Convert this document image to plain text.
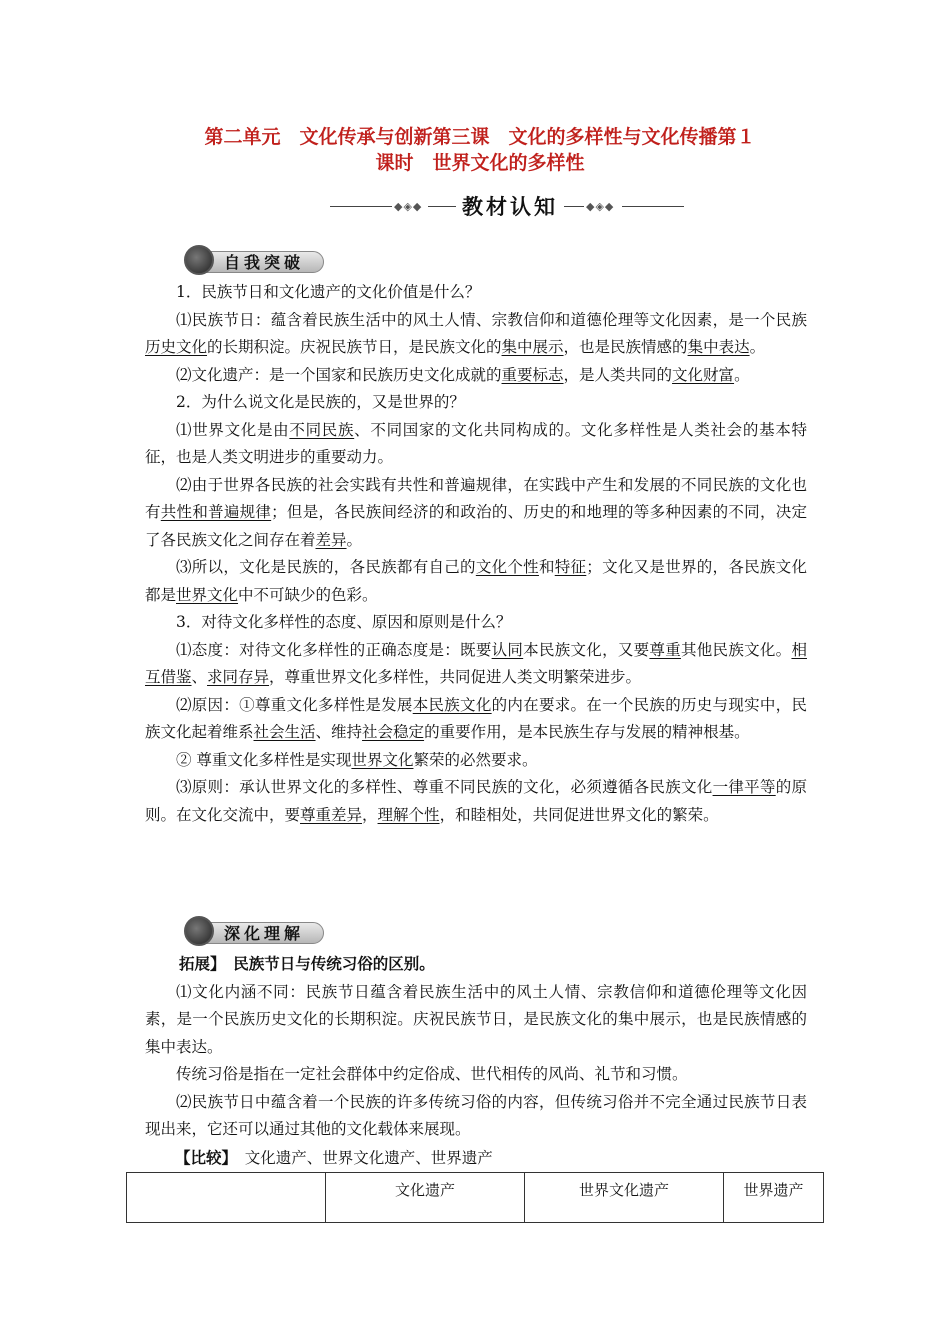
第二单元　文化传承与创新第三课　文化的多样性与文化传播第１
课时　世界文化的多样性
◆◈◆ 教材认知	◆◈◆
自我突破

1．民族节日和文化遗产的文化价值是什么？

⑴民族节日：蕴含着民族生活中的风土人情、宗教信仰和道德伦理等文化因素，是一个民族历史文化的长期积淀。庆祝民族节日，是民族文化的集中展示，也是民族情感的集中表达。

⑵文化遗产：是一个国家和民族历史文化成就的重要标志，是人类共同的文化财富。

2．为什么说文化是民族的，又是世界的？

⑴世界文化是由不同民族、不同国家的文化共同构成的。文化多样性是人类社会的基本特征，也是人类文明进步的重要动力。

⑵由于世界各民族的社会实践有共性和普遍规律，在实践中产生和发展的不同民族的文化也有共性和普遍规律；但是，各民族间经济的和政治的、历史的和地理的等多种因素的不同，决定了各民族文化之间存在着差异。

⑶所以，文化是民族的，各民族都有自己的文化个性和特征；文化又是世界的，各民族文化都是世界文化中不可缺少的色彩。

3．对待文化多样性的态度、原因和原则是什么？

⑴态度：对待文化多样性的正确态度是：既要认同本民族文化，又要尊重其他民族文化。相互借鉴、求同存异，尊重世界文化多样性，共同促进人类文明繁荣进步。

⑵原因：①尊重文化多样性是发展本民族文化的内在要求。在一个民族的历史与现实中，民族文化起着维系社会生活、维持社会稳定的重要作用，是本民族生存与发展的精神根基。

② 尊重文化多样性是实现世界文化繁荣的必然要求。

⑶原则：承认世界文化的多样性、尊重不同民族的文化，必须遵循各民族文化一律平等的原则。在文化交流中，要尊重差异，理解个性，和睦相处，共同促进世界文化的繁荣。

深化理解

拓展】　 民族节日与传统习俗的区别。

⑴文化内涵不同：民族节日蕴含着民族生活中的风土人情、宗教信仰和道德伦理等文化因素，是一个民族历史文化的长期积淀。庆祝民族节日，是民族文化的集中展示，也是民族情感的集中表达。

传统习俗是指在一定社会群体中约定俗成、世代相传的风尚、礼节和习惯。

⑵民族节日中蕴含着一个民族的许多传统习俗的内容，但传统习俗并不完全通过民族节日表现出来，它还可以通过其他的文化载体来展现。

【比较】　 文化遗产、世界文化遗产、世界遗产

	文化遗产	世界文化遗产	世界遗产
